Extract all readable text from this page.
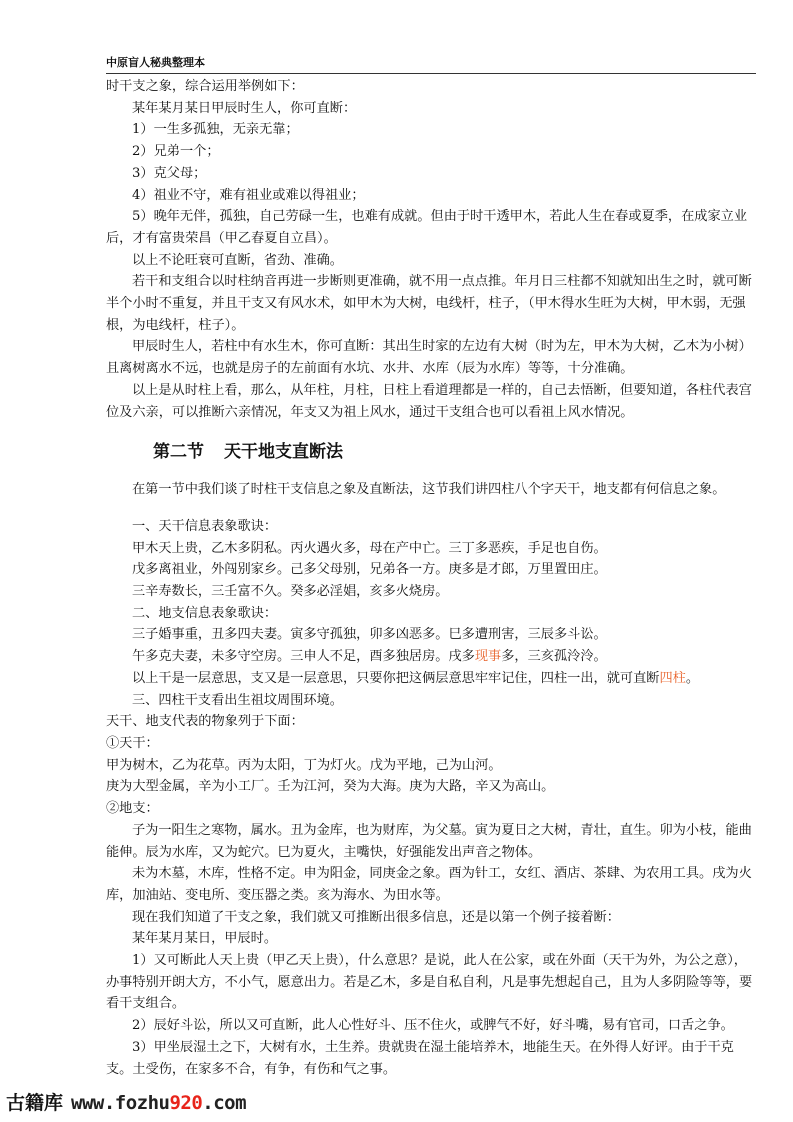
中原盲人秘典整理本

时干支之象，综合运用举例如下：

某年某月某日甲辰时生人，你可直断：

1）一生多孤独，无亲无靠；

2）兄弟一个；

3）克父母；

4）祖业不守，难有祖业或难以得祖业；

5）晚年无伴，孤独，自己劳碌一生，也难有成就。但由于时干透甲木，若此人生在春或夏季，在成家立业后，才有富贵荣昌（甲乙春夏自立昌）。

以上不论旺衰可直断，省劲、准确。

若干和支组合以时柱纳音再进一步断则更准确，就不用一点点推。年月日三柱都不知就知出生之时，就可断半个小时不重复，并且干支又有风水术，如甲木为大树，电线杆，柱子，（甲木得水生旺为大树，甲木弱，无强根，为电线杆，柱子）。

甲辰时生人，若柱中有水生木，你可直断：其出生时家的左边有大树（时为左，甲木为大树，乙木为小树）且离树离水不远，也就是房子的左前面有水坑、水井、水库（辰为水库）等等，十分准确。

以上是从时柱上看，那么，从年柱，月柱，日柱上看道理都是一样的，自己去悟断，但要知道，各柱代表宫位及六亲，可以推断六亲情况，年支又为祖上风水，通过干支组合也可以看祖上风水情况。

第二节 天干地支直断法

在第一节中我们谈了时柱干支信息之象及直断法，这节我们讲四柱八个字天干，地支都有何信息之象。

一、天干信息表象歌诀：

甲木天上贵，乙木多阴私。丙火遇火多，母在产中亡。三丁多恶疾，手足也自伤。

戊多离祖业，外闯别家乡。己多父母别，兄弟各一方。庚多是才郎，万里置田庄。

三辛寿数长，三壬富不久。癸多必淫娼，亥多火烧房。

二、地支信息表象歌诀：

三子婚事重，丑多四夫妻。寅多守孤独，卯多凶恶多。巳多遭刑害，三辰多斗讼。

午多克夫妻，未多守空房。三申人不足，酉多独居房。戌多现事多，三亥孤泠泠。

以上干是一层意思，支又是一层意思，只要你把这俩层意思牢牢记住，四柱一出，就可直断四柱。

三、四柱干支看出生祖坟周围环境。

天干、地支代表的物象列于下面：

①天干：

甲为树木，乙为花草。丙为太阳，丁为灯火。戊为平地，己为山河。

庚为大型金属，辛为小工厂。壬为江河，癸为大海。庚为大路，辛又为高山。

②地支：

子为一阳生之寒物，属水。丑为金库，也为财库，为父墓。寅为夏日之大树，青壮，直生。卯为小枝，能曲能伸。辰为水库，又为蛇穴。巳为夏火，主嘴快，好强能发出声音之物体。

未为木墓，木库，性格不定。申为阳金，同庚金之象。酉为针工，女红、酒店、茶肆、为农用工具。戌为火库，加油站、变电所、变压器之类。亥为海水、为田水等。

现在我们知道了干支之象，我们就又可推断出很多信息，还是以第一个例子接着断：

某年某月某日，甲辰时。

1）又可断此人天上贵（甲乙天上贵），什么意思？是说，此人在公家，或在外面（天干为外，为公之意），办事特别开朗大方，不小气，愿意出力。若是乙木，多是自私自利，凡是事先想起自己，且为人多阴险等等，要看干支组合。

2）辰好斗讼，所以又可直断，此人心性好斗、压不住火，或脾气不好，好斗嘴，易有官司，口舌之争。

3）甲坐辰湿土之下，大树有水，土生养。贵就贵在湿土能培养木，地能生天。在外得人好评。由于干克支。土受伤，在家多不合，有争，有伤和气之事。

古籍库 www.fozhu920.com
